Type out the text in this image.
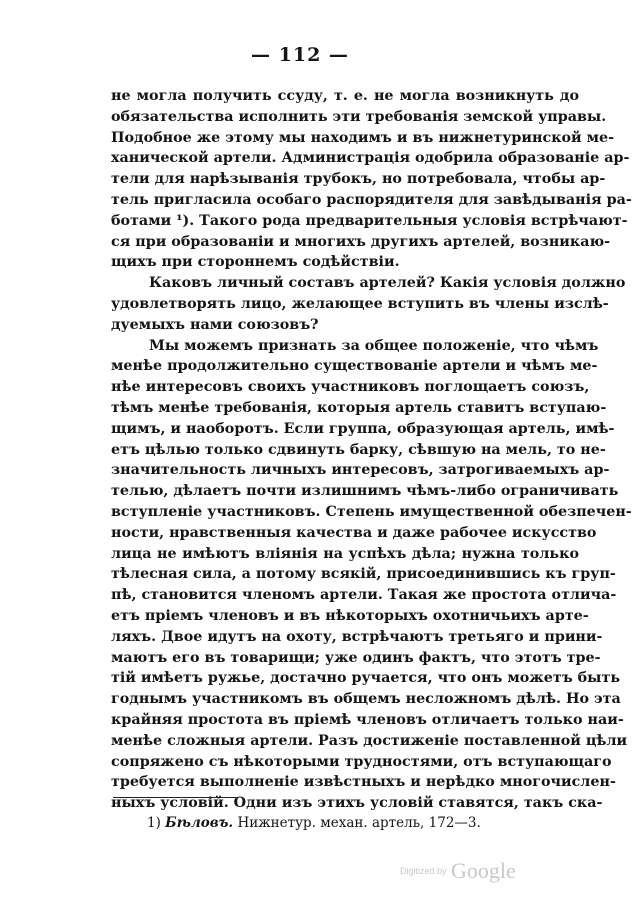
— 112 —
не могла получить ссуду, т. е. не могла возникнуть до
обязательства исполнить эти требованія земской управы.
Подобное же этому мы находимъ и въ нижнетуринской ме-
ханической артели. Администрація одобрила образованіе ар-
тели для нарѣзыванія трубокъ, но потребовала, чтобы ар-
тель пригласила особаго распорядителя для завѣдыванія ра-
ботами ¹). Такого рода предварительныя условія встрѣчают-
ся при образованіи и многихъ другихъ артелей, возникаю-
щихъ при стороннемъ содѣйствіи.
Каковъ личный составъ артелей? Какія условія должно
удовлетворять лицо, желающее вступить въ члены изслѣ-
дуемыхъ нами союзовъ?
Мы можемъ признать за общее положеніе, что чѣмъ
менѣе продолжительно существованіе артели и чѣмъ ме-
нѣе интересовъ своихъ участниковъ поглощаетъ союзъ,
тѣмъ менѣе требованія, которыя артель ставитъ вступаю-
щимъ, и наоборотъ. Если группа, образующая артель, имѣ-
етъ цѣлью только сдвинуть барку, сѣвшую на мель, то не-
значительность личныхъ интересовъ, затрогиваемыхъ ар-
телью, дѣлаетъ почти излишнимъ чѣмъ-либо ограничивать
вступленіе участниковъ. Степень имущественной обезпечен-
ности, нравственныя качества и даже рабочее искусство
лица не имѣютъ вліянія на успѣхъ дѣла; нужна только
тѣлесная сила, а потому всякій, присоединившись къ груп-
пѣ, становится членомъ артели. Такая же простота отлича-
етъ пріемъ членовъ и въ нѣкоторыхъ охотничьихъ арте-
ляхъ. Двое идутъ на охоту, встрѣчаютъ третьяго и прини-
маютъ его въ товарищи; уже одинъ фактъ, что этотъ тре-
тій имѣетъ ружье, достачно ручается, что онъ можетъ быть
годнымъ участникомъ въ общемъ несложномъ дѣлѣ. Но эта
крайняя простота въ пріемѣ членовъ отличаетъ только наи-
менѣе сложныя артели. Разъ достиженіе поставленной цѣли
сопряжено съ нѣкоторыми трудностями, отъ вступающаго
требуется выполненіе извѣстныхъ и нерѣдко многочислен-
ныхъ условій. Одни изъ этихъ условій ставятся, такъ ска-
1) Бѣловъ. Нижнетур. механ. артель, 172—3.
Digitized by Google
